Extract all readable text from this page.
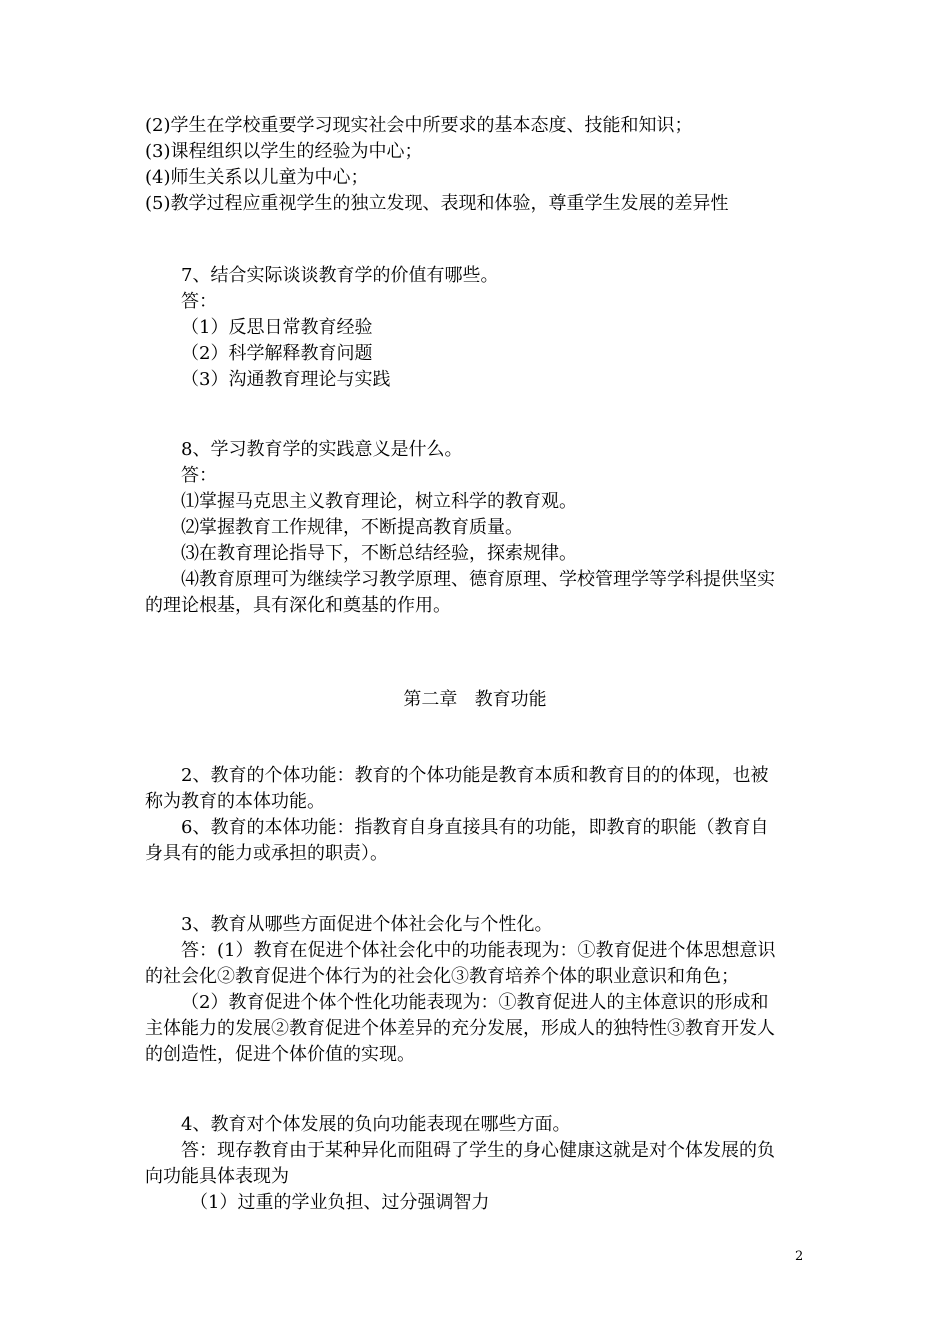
(2)学生在学校重要学习现实社会中所要求的基本态度、技能和知识；
(3)课程组织以学生的经验为中心；
(4)师生关系以儿童为中心；
(5)教学过程应重视学生的独立发现、表现和体验，尊重学生发展的差异性
7、结合实际谈谈教育学的价值有哪些。
答：
（1）反思日常教育经验
（2）科学解释教育问题
（3）沟通教育理论与实践
8、学习教育学的实践意义是什么。
答：
⑴掌握马克思主义教育理论，树立科学的教育观。
⑵掌握教育工作规律，不断提高教育质量。
⑶在教育理论指导下，不断总结经验，探索规律。
⑷教育原理可为继续学习教学原理、德育原理、学校管理学等学科提供坚实
的理论根基，具有深化和奠基的作用。
第二章   教育功能
2、教育的个体功能：教育的个体功能是教育本质和教育目的的体现，也被
称为教育的本体功能。
6、教育的本体功能：指教育自身直接具有的功能，即教育的职能（教育自
身具有的能力或承担的职责）。
3、教育从哪些方面促进个体社会化与个性化。
答：(1）教育在促进个体社会化中的功能表现为：①教育促进个体思想意识
的社会化②教育促进个体行为的社会化③教育培养个体的职业意识和角色；
（2）教育促进个体个性化功能表现为：①教育促进人的主体意识的形成和
主体能力的发展②教育促进个体差异的充分发展，形成人的独特性③教育开发人
的创造性，促进个体价值的实现。
4、教育对个体发展的负向功能表现在哪些方面。
答：现存教育由于某种异化而阻碍了学生的身心健康这就是对个体发展的负
向功能具体表现为
（1）过重的学业负担、过分强调智力
2
